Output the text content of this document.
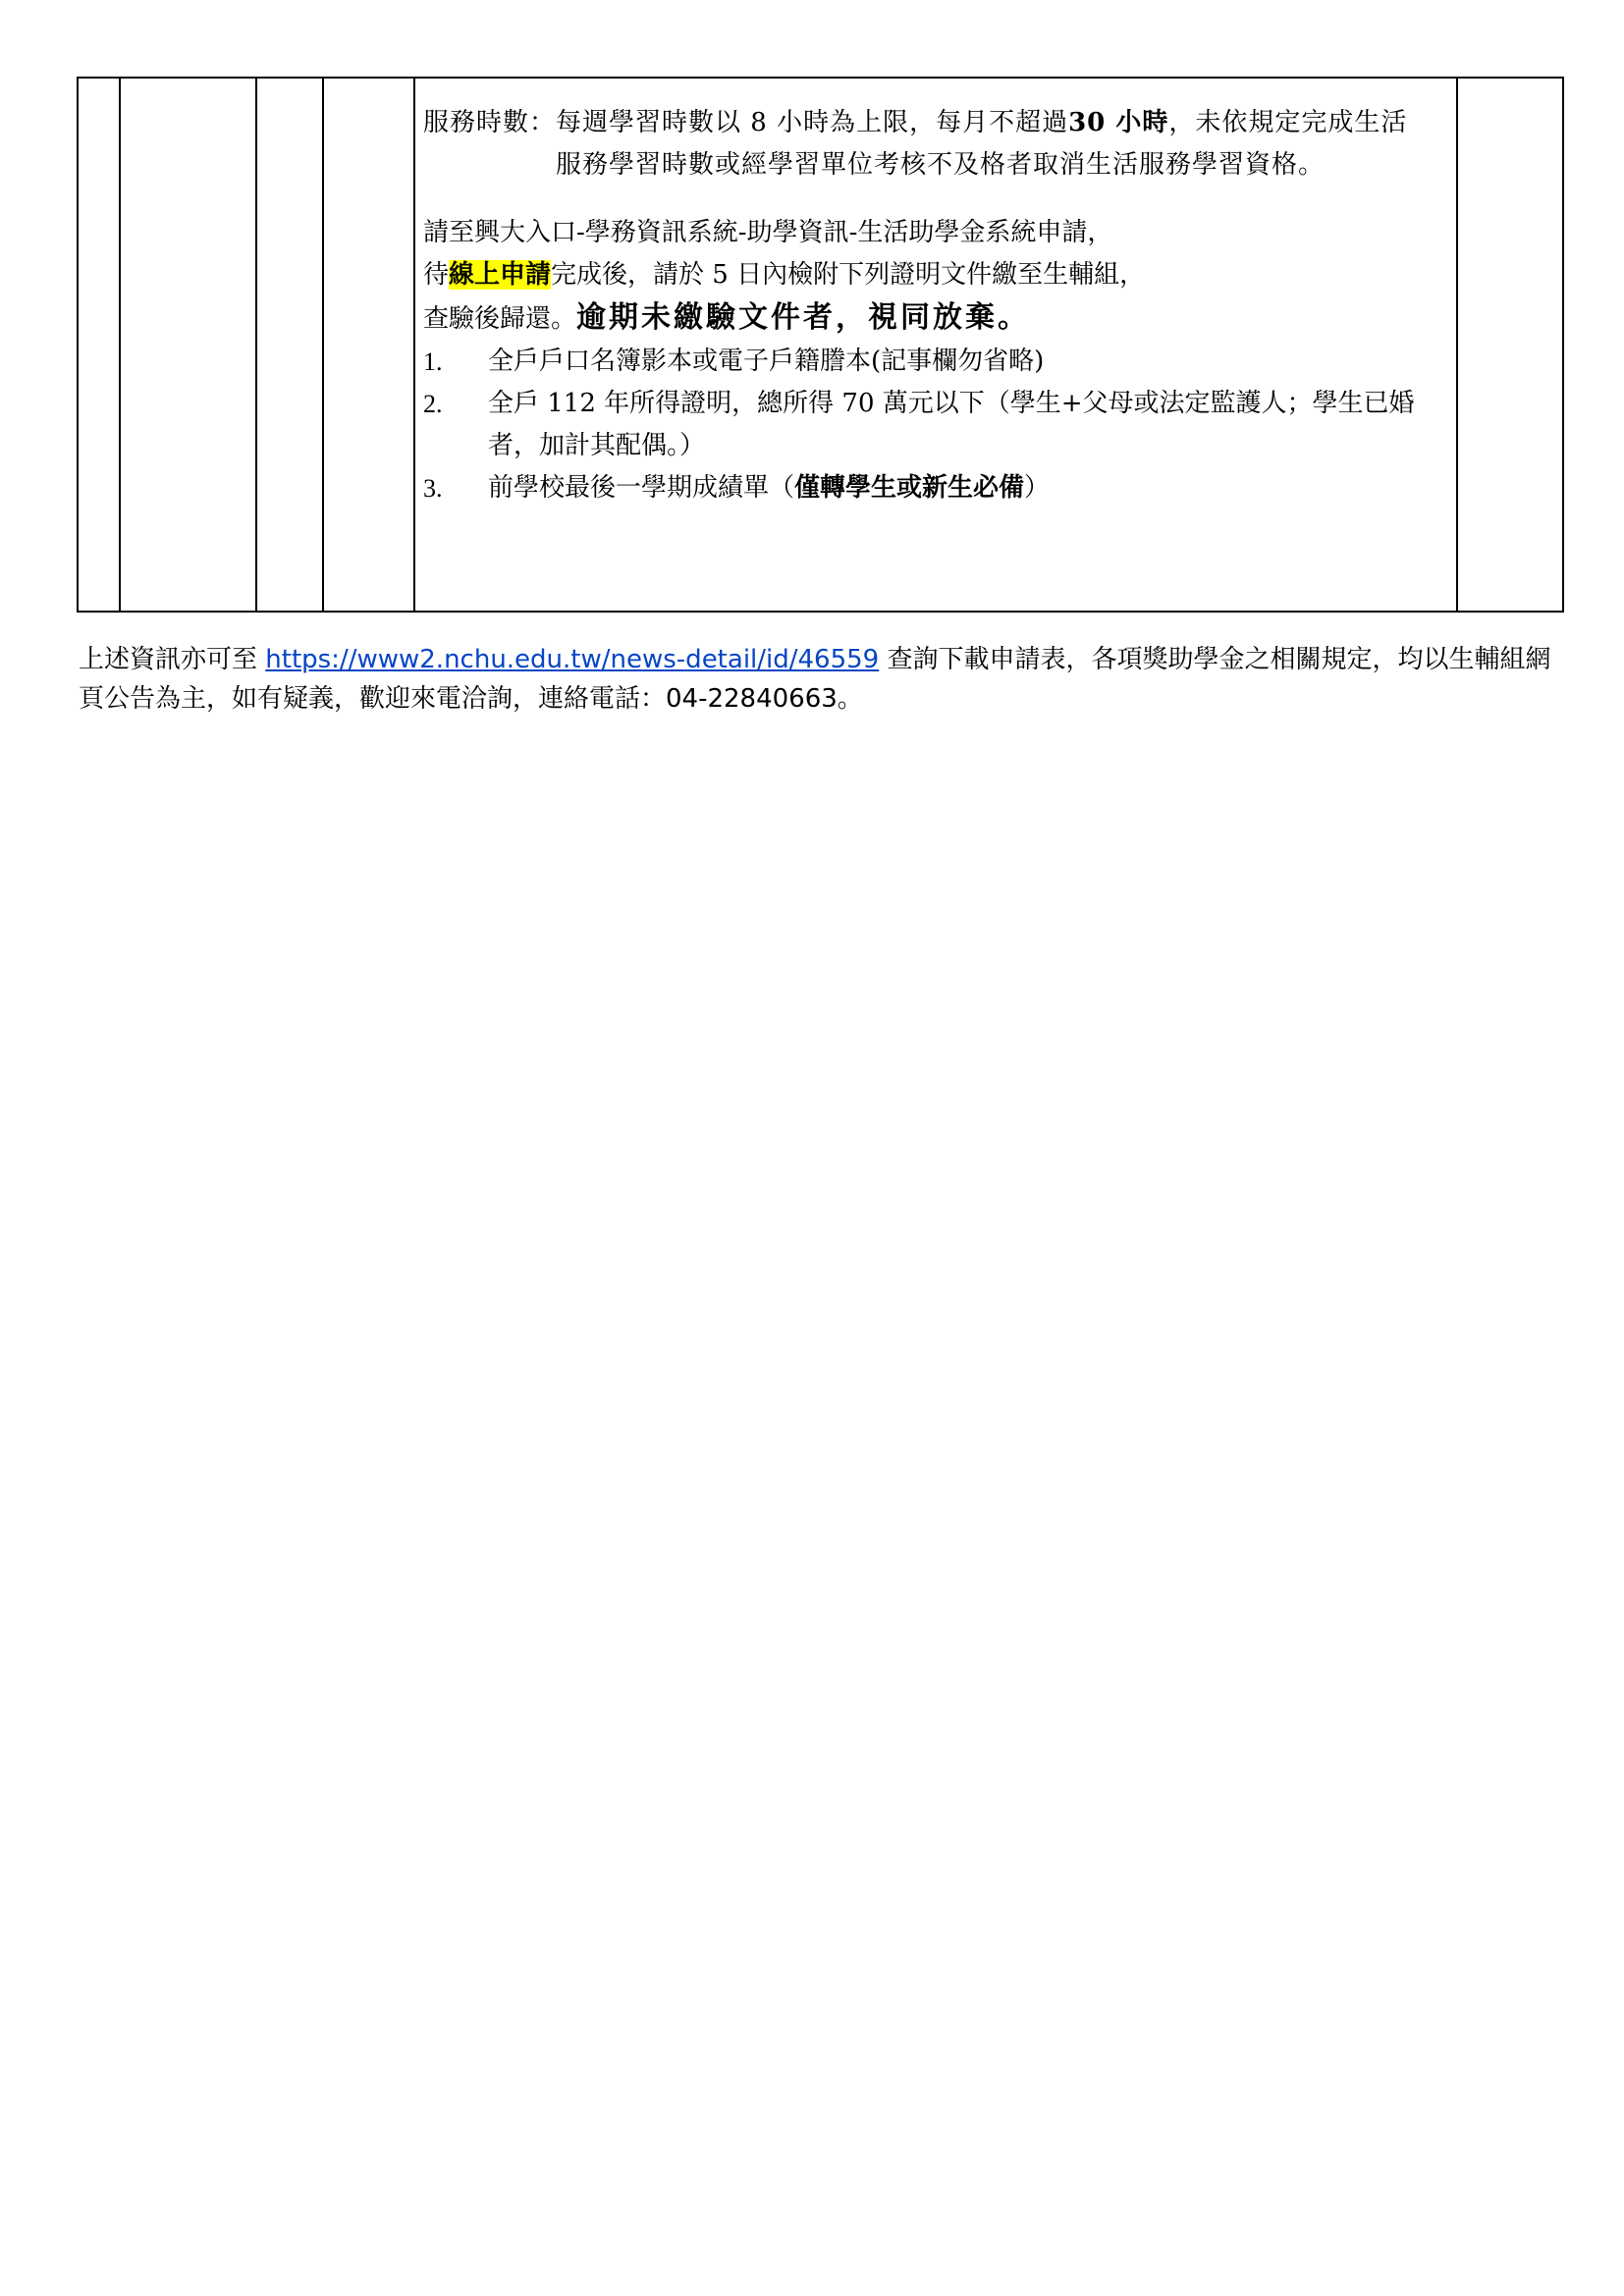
服務時數： 每週學習時數以 8 小時為上限，每月不超過30 小時，未依規定完成生活服務學習時數或經學習單位考核不及格者取消生活服務學習資格。
請至興大入口-學務資訊系統-助學資訊-生活助學金系統申請，
待線上申請完成後，請於 5 日內檢附下列證明文件繳至生輔組，
查驗後歸還。逾期未繳驗文件者，視同放棄。
1.	全戶戶口名簿影本或電子戶籍謄本(記事欄勿省略)
2.	全戶 112 年所得證明，總所得 70 萬元以下（學生+父母或法定監護人；學生已婚者，加計其配偶。）
3.	前學校最後一學期成績單（僅轉學生或新生必備）

上述資訊亦可至 https://www2.nchu.edu.tw/news-detail/id/46559 查詢下載申請表，各項獎助學金之相關規定，均以生輔組網頁公告為主，如有疑義，歡迎來電洽詢，連絡電話：04-22840663。
